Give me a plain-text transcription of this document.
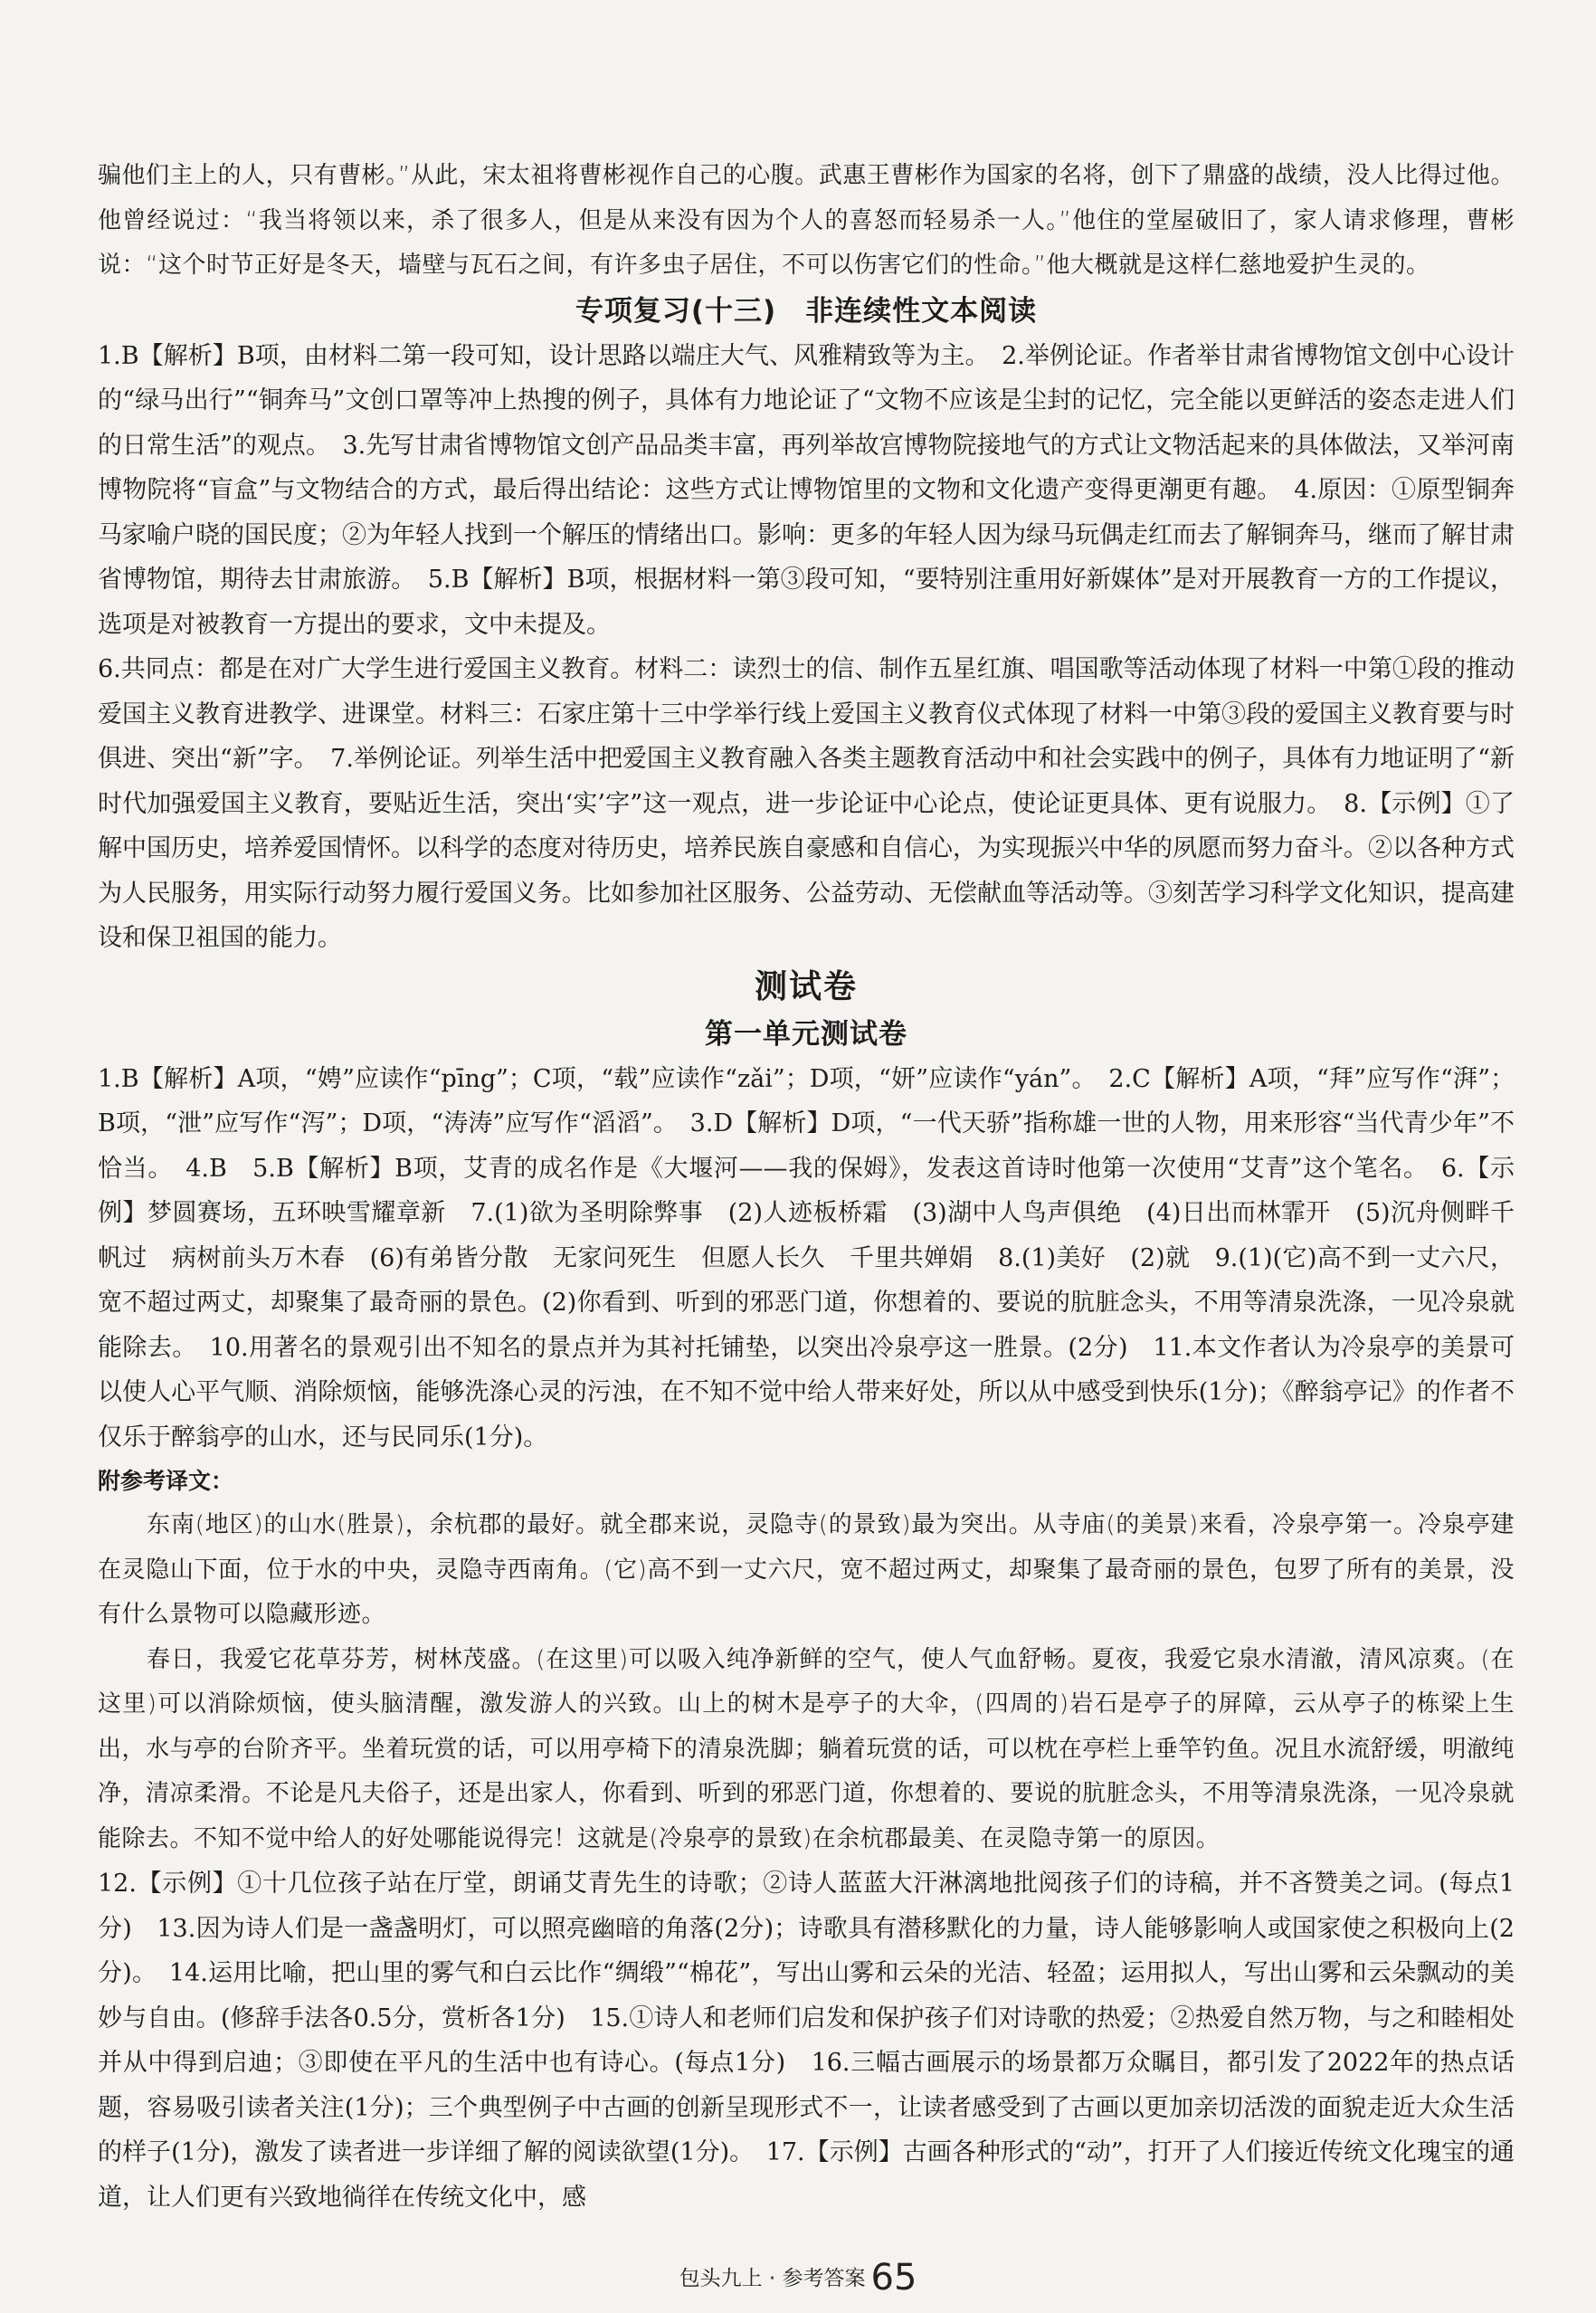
骗他们主上的人，只有曹彬。”从此，宋太祖将曹彬视作自己的心腹。武惠王曹彬作为国家的名将，创下了鼎盛的战绩，没人比得过他。他曾经说过：“我当将领以来，杀了很多人，但是从来没有因为个人的喜怒而轻易杀一人。”他住的堂屋破旧了，家人请求修理，曹彬说：“这个时节正好是冬天，墙壁与瓦石之间，有许多虫子居住，不可以伤害它们的性命。”他大概就是这样仁慈地爱护生灵的。

专项复习(十三)　非连续性文本阅读

1.B【解析】B项，由材料二第一段可知，设计思路以端庄大气、风雅精致等为主。　2.举例论证。作者举甘肃省博物馆文创中心设计的“绿马出行”“铜奔马”文创口罩等冲上热搜的例子，具体有力地论证了“文物不应该是尘封的记忆，完全能以更鲜活的姿态走进人们的日常生活”的观点。　3.先写甘肃省博物馆文创产品品类丰富，再列举故宫博物院接地气的方式让文物活起来的具体做法，又举河南博物院将“盲盒”与文物结合的方式，最后得出结论：这些方式让博物馆里的文物和文化遗产变得更潮更有趣。　4.原因：①原型铜奔马家喻户晓的国民度；②为年轻人找到一个解压的情绪出口。影响：更多的年轻人因为绿马玩偶走红而去了解铜奔马，继而了解甘肃省博物馆，期待去甘肃旅游。　5.B【解析】B项，根据材料一第③段可知，“要特别注重用好新媒体”是对开展教育一方的工作提议，选项是对被教育一方提出的要求，文中未提及。

6.共同点：都是在对广大学生进行爱国主义教育。材料二：读烈士的信、制作五星红旗、唱国歌等活动体现了材料一中第①段的推动爱国主义教育进教学、进课堂。材料三：石家庄第十三中学举行线上爱国主义教育仪式体现了材料一中第③段的爱国主义教育要与时俱进、突出“新”字。　7.举例论证。列举生活中把爱国主义教育融入各类主题教育活动中和社会实践中的例子，具体有力地证明了“新时代加强爱国主义教育，要贴近生活，突出‘实’字”这一观点，进一步论证中心论点，使论证更具体、更有说服力。　8.【示例】①了解中国历史，培养爱国情怀。以科学的态度对待历史，培养民族自豪感和自信心，为实现振兴中华的夙愿而努力奋斗。②以各种方式为人民服务，用实际行动努力履行爱国义务。比如参加社区服务、公益劳动、无偿献血等活动等。③刻苦学习科学文化知识，提高建设和保卫祖国的能力。

测试卷
第一单元测试卷

1.B【解析】A项，“娉”应读作“pīng”；C项，“载”应读作“zǎi”；D项，“妍”应读作“yán”。　2.C【解析】A项，“拜”应写作“湃”；B项，“泄”应写作“泻”；D项，“涛涛”应写作“滔滔”。　3.D【解析】D项，“一代天骄”指称雄一世的人物，用来形容“当代青少年”不恰当。　4.B　5.B【解析】B项，艾青的成名作是《大堰河——我的保姆》，发表这首诗时他第一次使用“艾青”这个笔名。　6.【示例】梦圆赛场，五环映雪耀章新　7.(1)欲为圣明除弊事　(2)人迹板桥霜　(3)湖中人鸟声俱绝　(4)日出而林霏开　(5)沉舟侧畔千帆过　病树前头万木春　(6)有弟皆分散　无家问死生　但愿人长久　千里共婵娟　8.(1)美好　(2)就　9.(1)(它)高不到一丈六尺，宽不超过两丈，却聚集了最奇丽的景色。(2)你看到、听到的邪恶门道，你想着的、要说的肮脏念头，不用等清泉洗涤，一见冷泉就能除去。　10.用著名的景观引出不知名的景点并为其衬托铺垫，以突出冷泉亭这一胜景。(2分)　11.本文作者认为冷泉亭的美景可以使人心平气顺、消除烦恼，能够洗涤心灵的污浊，在不知不觉中给人带来好处，所以从中感受到快乐(1分)；《醉翁亭记》的作者不仅乐于醉翁亭的山水，还与民同乐(1分)。

附参考译文：

东南(地区)的山水(胜景)，余杭郡的最好。就全郡来说，灵隐寺(的景致)最为突出。从寺庙(的美景)来看，冷泉亭第一。冷泉亭建在灵隐山下面，位于水的中央，灵隐寺西南角。(它)高不到一丈六尺，宽不超过两丈，却聚集了最奇丽的景色，包罗了所有的美景，没有什么景物可以隐藏形迹。

春日，我爱它花草芬芳，树林茂盛。(在这里)可以吸入纯净新鲜的空气，使人气血舒畅。夏夜，我爱它泉水清澈，清风凉爽。(在这里)可以消除烦恼，使头脑清醒，激发游人的兴致。山上的树木是亭子的大伞，(四周的)岩石是亭子的屏障，云从亭子的栋梁上生出，水与亭的台阶齐平。坐着玩赏的话，可以用亭椅下的清泉洗脚；躺着玩赏的话，可以枕在亭栏上垂竿钓鱼。况且水流舒缓，明澈纯净，清凉柔滑。不论是凡夫俗子，还是出家人，你看到、听到的邪恶门道，你想着的、要说的肮脏念头，不用等清泉洗涤，一见冷泉就能除去。不知不觉中给人的好处哪能说得完！这就是(冷泉亭的景致)在余杭郡最美、在灵隐寺第一的原因。

12.【示例】①十几位孩子站在厅堂，朗诵艾青先生的诗歌；②诗人蓝蓝大汗淋漓地批阅孩子们的诗稿，并不吝赞美之词。(每点1分)　13.因为诗人们是一盏盏明灯，可以照亮幽暗的角落(2分)；诗歌具有潜移默化的力量，诗人能够影响人或国家使之积极向上(2分)。　14.运用比喻，把山里的雾气和白云比作“绸缎”“棉花”，写出山雾和云朵的光洁、轻盈；运用拟人，写出山雾和云朵飘动的美妙与自由。(修辞手法各0.5分，赏析各1分)　15.①诗人和老师们启发和保护孩子们对诗歌的热爱；②热爱自然万物，与之和睦相处并从中得到启迪；③即使在平凡的生活中也有诗心。(每点1分)　16.三幅古画展示的场景都万众瞩目，都引发了2022年的热点话题，容易吸引读者关注(1分)；三个典型例子中古画的创新呈现形式不一，让读者感受到了古画以更加亲切活泼的面貌走近大众生活的样子(1分)，激发了读者进一步详细了解的阅读欲望(1分)。　17.【示例】古画各种形式的“动”，打开了人们接近传统文化瑰宝的通道，让人们更有兴致地徜徉在传统文化中，感

包头九上 · 参考答案 65
